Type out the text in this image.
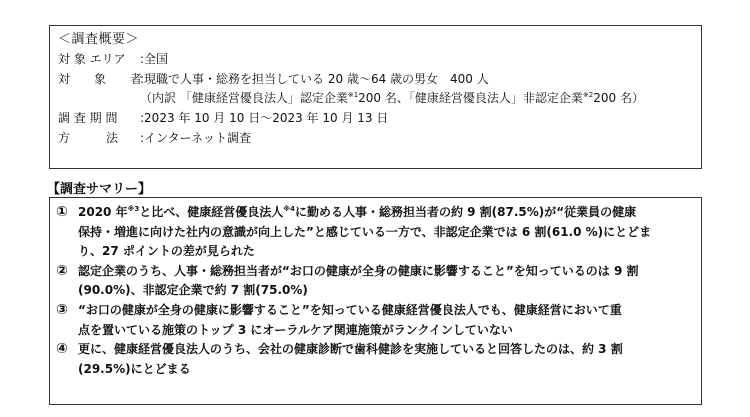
＜調査概要＞
対 象 エリア :全国
対　　象　　者:現職で人事・総務を担当している 20 歳～64 歳の男女　400 人
（内訳 「健康経営優良法人」認定企業$^{※1}$200 名、「健康経営優良法人」非認定企業$^{※2}$200 名）
調 査 期 間 :2023 年 10 月 10 日～2023 年 10 月 13 日
方　　　法 :インターネット調査
【調査サマリー】
① 2020 年$^{※3}$と比べ、健康経営優良法人$^{※4}$に勤める人事・総務担当者の約 9 割(87.5%)が“従業員の健康
保持・増進に向けた社内の意識が向上した”と感じている一方で、非認定企業では 6 割(61.0 %)にとどま
り、27 ポイントの差が見られた
② 認定企業のうち、人事・総務担当者が“お口の健康が全身の健康に影響すること”を知っているのは 9 割
(90.0%)、非認定企業で約 7 割(75.0%)
③ “お口の健康が全身の健康に影響すること”を知っている健康経営優良法人でも、健康経営において重
点を置いている施策のトップ 3 にオーラルケア関連施策がランクインしていない
④ 更に、健康経営優良法人のうち、会社の健康診断で歯科健診を実施していると回答したのは、約 3 割
(29.5%)にとどまる
